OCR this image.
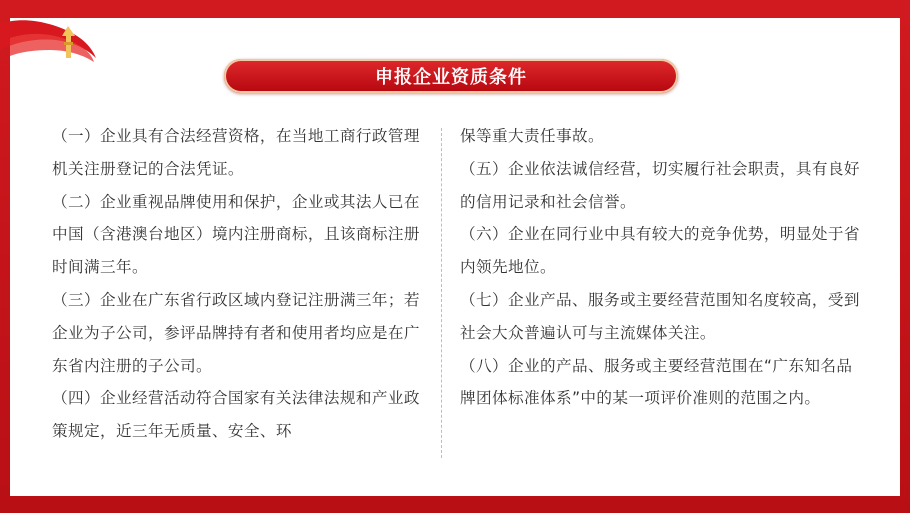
申报企业资质条件

（一）企业具有合法经营资格，在当地工商行政管理机关注册登记的合法凭证。

（二）企业重视品牌使用和保护，企业或其法人已在中国（含港澳台地区）境内注册商标，且该商标注册时间满三年。

（三）企业在广东省行政区域内登记注册满三年；若企业为子公司，参评品牌持有者和使用者均应是在广东省内注册的子公司。

（四）企业经营活动符合国家有关法律法规和产业政策规定，近三年无质量、安全、环

保等重大责任事故。

（五）企业依法诚信经营，切实履行社会职责，具有良好的信用记录和社会信誉。

（六）企业在同行业中具有较大的竞争优势，明显处于省内领先地位。

（七）企业产品、服务或主要经营范围知名度较高，受到社会大众普遍认可与主流媒体关注。

（八）企业的产品、服务或主要经营范围在“广东知名品牌团体标准体系”中的某一项评价准则的范围之内。
